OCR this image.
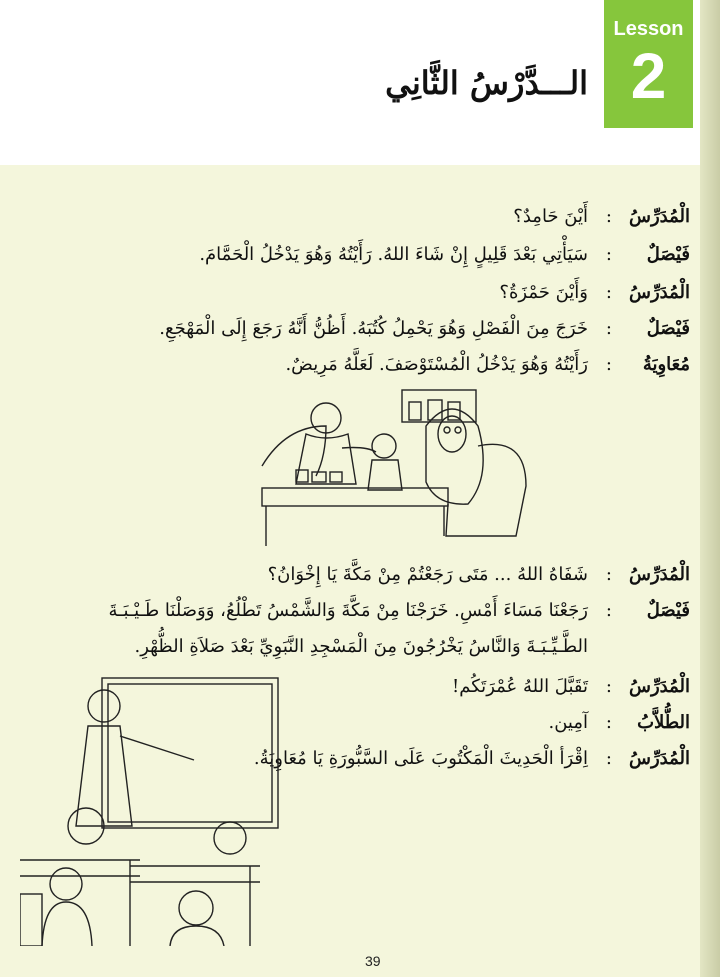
Lesson
2
الـــدَّرْسُ الثَّانِي
الْمُدَرِّسُ
:
أَيْنَ حَامِدٌ؟
فَيْصَلٌ
:
سَيَأْتِي بَعْدَ قَلِيلٍ إِنْ شَاءَ اللهُ. رَأَيْتُهُ وَهُوَ يَدْخُلُ الْحَمَّامَ.
الْمُدَرِّسُ
:
وَأَيْنَ حَمْزَةُ؟
فَيْصَلٌ
:
خَرَجَ مِنَ الْفَصْلِ وَهُوَ يَحْمِلُ كُتُبَهُ. أَظُنُّ أَنَّهُ رَجَعَ إِلَى الْمَهْجَعِ.
مُعَاوِيَةُ
:
رَأَيْتُهُ وَهُوَ يَدْخُلُ الْمُسْتَوْصَفَ. لَعَلَّهُ مَرِيضٌ.
الْمُدَرِّسُ
:
شَفَاهُ اللهُ ... مَتَى رَجَعْتُمْ مِنْ مَكَّةَ يَا إِخْوَانُ؟
فَيْصَلٌ
:
رَجَعْنَا مَسَاءَ أَمْسِ. خَرَجْنَا مِنْ مَكَّةَ وَالشَّمْسُ تَطْلُعُ، وَوَصَلْنَا طَـيْـبَـةَ
الطَّـيِّـبَـةَ وَالنَّاسُ يَخْرُجُونَ مِنَ الْمَسْجِدِ النَّبَوِيِّ بَعْدَ صَلاَةِ الظُّهْرِ.
الْمُدَرِّسُ
:
تَقَبَّلَ اللهُ عُمْرَتَكُم!
الطُّلاَّبُ
:
آمِين.
الْمُدَرِّسُ
:
اِقْرَأ الْحَدِيثَ الْمَكْتُوبَ عَلَى السَّبُّورَةِ يَا مُعَاوِيَةُ.
39
